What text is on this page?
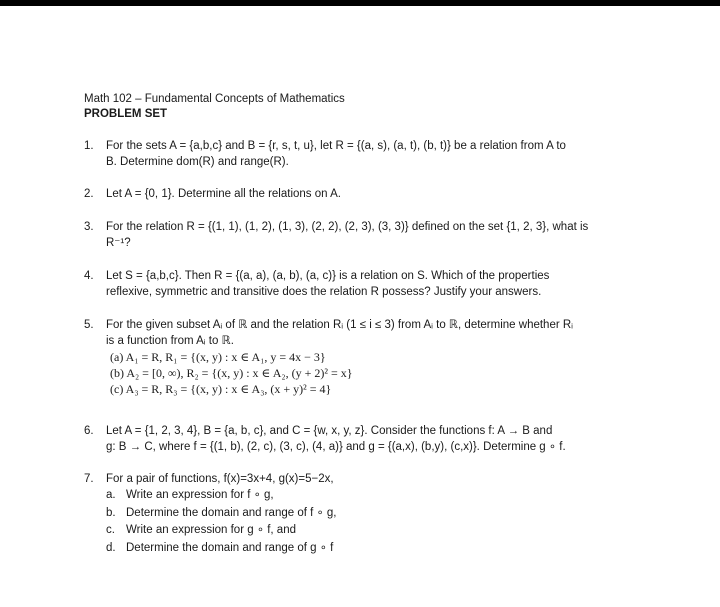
Math 102 – Fundamental Concepts of Mathematics
PROBLEM SET
1.	For the sets A = {a,b,c} and B = {r, s, t, u}, let R = {(a, s), (a, t), (b, t)} be a relation from A to
B. Determine dom(R) and range(R).
2.	Let A = {0, 1}. Determine all the relations on A.
3.	For the relation R = {(1, 1), (1, 2), (1, 3), (2, 2), (2, 3), (3, 3)} defined on the set {1, 2, 3}, what is
R⁻¹?
4.	Let S = {a,b,c}. Then R = {(a, a), (a, b), (a, c)} is a relation on S. Which of the properties
reflexive, symmetric and transitive does the relation R possess? Justify your answers.
5.	For the given subset Aᵢ of ℝ and the relation Rᵢ (1 ≤ i ≤ 3) from Aᵢ to ℝ, determine whether Rᵢ
is a function from Aᵢ to ℝ.
(a) A₁ = R, R₁ = {(x, y) : x ∈ A₁, y = 4x − 3}
(b) A₂ = [0, ∞), R₂ = {(x, y) : x ∈ A₂, (y + 2)² = x}
(c) A₃ = R, R₃ = {(x, y) : x ∈ A₃, (x + y)² = 4}
6.	Let A = {1, 2, 3, 4}, B = {a, b, c}, and C = {w, x, y, z}. Consider the functions f: A → B and
g: B → C, where f = {(1, b), (2, c), (3, c), (4, a)} and g = {(a,x), (b,y), (c,x)}. Determine g ∘ f.
7.	For a pair of functions, f(x)=3x+4, g(x)=5−2x,
a. Write an expression for f ∘ g,
b. Determine the domain and range of f ∘ g,
c. Write an expression for g ∘ f, and
d. Determine the domain and range of g ∘ f
